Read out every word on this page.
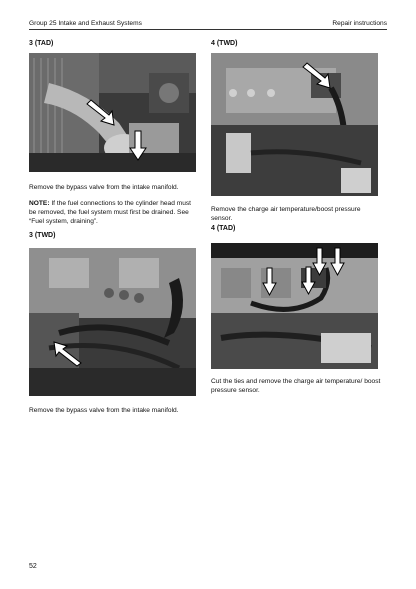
Group 25 Intake and Exhaust Systems	Repair instructions
3 (TAD)
Remove the bypass valve from the intake manifold.
NOTE: If the fuel connections to the cylinder head must be removed, the fuel system must first be drained. See “Fuel system, draining”.
3 (TWD)
Remove the bypass valve from the intake manifold.
4 (TWD)
Remove the charge air temperature/boost pressure sensor.
4 (TAD)
Cut the ties and remove the charge air temperature/ boost pressure sensor.
52
